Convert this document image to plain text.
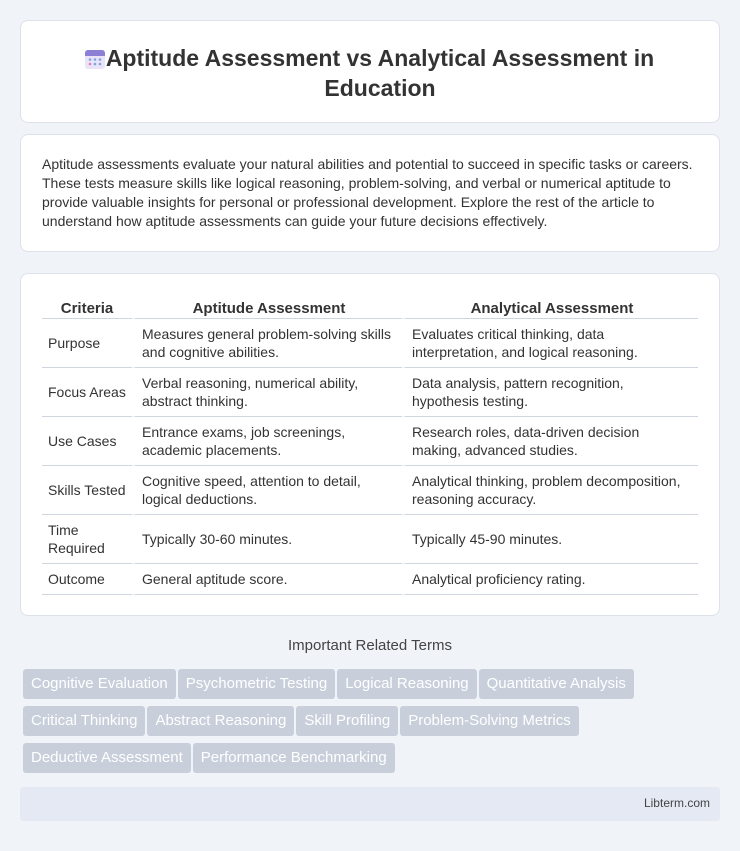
Aptitude Assessment vs Analytical Assessment in Education

Aptitude assessments evaluate your natural abilities and potential to succeed in specific tasks or careers. These tests measure skills like logical reasoning, problem-solving, and verbal or numerical aptitude to provide valuable insights for personal or professional development. Explore the rest of the article to understand how aptitude assessments can guide your future decisions effectively.

Criteria	Aptitude Assessment	Analytical Assessment
Purpose	Measures general problem-solving skills and cognitive abilities.	Evaluates critical thinking, data interpretation, and logical reasoning.
Focus Areas	Verbal reasoning, numerical ability, abstract thinking.	Data analysis, pattern recognition, hypothesis testing.
Use Cases	Entrance exams, job screenings, academic placements.	Research roles, data-driven decision making, advanced studies.
Skills Tested	Cognitive speed, attention to detail, logical deductions.	Analytical thinking, problem decomposition, reasoning accuracy.
Time Required	Typically 30-60 minutes.	Typically 45-90 minutes.
Outcome	General aptitude score.	Analytical proficiency rating.
Important Related Terms
Cognitive Evaluation Psychometric Testing Logical Reasoning Quantitative AnalysisCritical Thinking Abstract Reasoning Skill Profiling Problem-Solving MetricsDeductive Assessment Performance Benchmarking
Libterm.com
